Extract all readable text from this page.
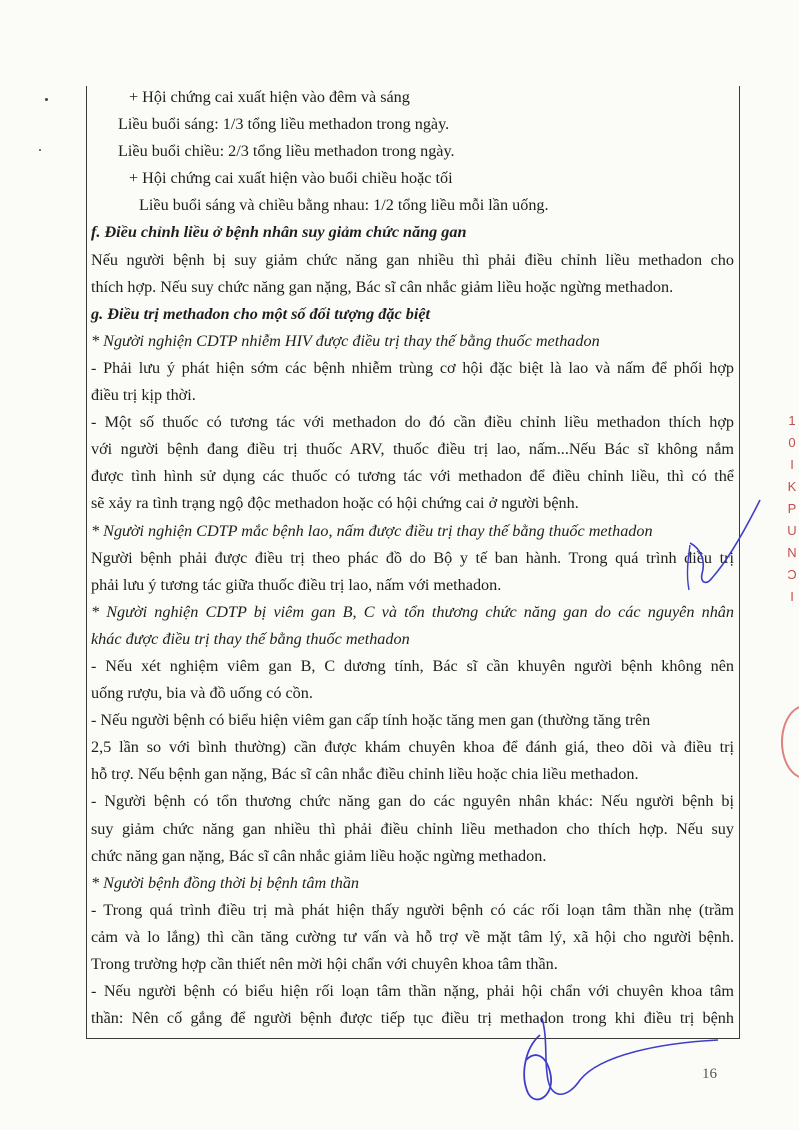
+ Hội chứng cai xuất hiện vào đêm và sáng
Liều buổi sáng: 1/3 tổng liều methadon trong ngày.
Liều buổi chiều: 2/3 tổng liều methadon trong ngày.
+ Hội chứng cai xuất hiện vào buổi chiều hoặc tối
Liều buổi sáng và chiều bằng nhau: 1/2 tổng liều mỗi lần uống.
f. Điều chỉnh liều ở bệnh nhân suy giảm chức năng gan
Nếu người bệnh bị suy giảm chức năng gan nhiều thì phải điều chỉnh liều methadon cho
thích hợp. Nếu suy chức năng gan nặng, Bác sĩ cân nhắc giảm liều hoặc ngừng methadon.
g. Điều trị methadon cho một số đối tượng đặc biệt
* Người nghiện CDTP nhiễm HIV được điều trị thay thế bằng thuốc methadon
- Phải lưu ý phát hiện sớm các bệnh nhiễm trùng cơ hội đặc biệt là lao và nấm để phối hợp
điều trị kịp thời.
- Một số thuốc có tương tác với methadon do đó cần điều chỉnh liều methadon thích hợp
với người bệnh đang điều trị thuốc ARV, thuốc điều trị lao, nấm...Nếu Bác sĩ không nắm
được tình hình sử dụng các thuốc có tương tác với methadon để điều chỉnh liều, thì có thể
sẽ xảy ra tình trạng ngộ độc methadon hoặc có hội chứng cai ở người bệnh.
* Người nghiện CDTP mắc bệnh lao, nấm được điều trị thay thế bằng thuốc methadon
Người bệnh phải được điều trị theo phác đồ do Bộ y tế ban hành. Trong quá trình điều trị
phải lưu ý tương tác giữa thuốc điều trị lao, nấm với methadon.
* Người nghiện CDTP bị viêm gan B, C và tổn thương chức năng gan do các nguyên nhân
khác được điều trị thay thế bằng thuốc methadon
- Nếu xét nghiệm viêm gan B, C dương tính, Bác sĩ cần khuyên người bệnh không nên
uống rượu, bia và đồ uống có cồn.
- Nếu người bệnh có biểu hiện viêm gan cấp tính hoặc tăng men gan (thường tăng trên
2,5 lần so với bình thường) cần được khám chuyên khoa để đánh giá, theo dõi và điều trị
hỗ trợ. Nếu bệnh gan nặng, Bác sĩ cân nhắc điều chỉnh liều hoặc chia liều methadon.
- Người bệnh có tổn thương chức năng gan do các nguyên nhân khác: Nếu người bệnh bị
suy giảm chức năng gan nhiều thì phải điều chỉnh liều methadon cho thích hợp. Nếu suy
chức năng gan nặng, Bác sĩ cân nhắc giảm liều hoặc ngừng methadon.
* Người bệnh đồng thời bị bệnh tâm thần
- Trong quá trình điều trị mà phát hiện thấy người bệnh có các rối loạn tâm thần nhẹ (trầm
cảm và lo lắng) thì cần tăng cường tư vấn và hỗ trợ về mặt tâm lý, xã hội cho người bệnh.
Trong trường hợp cần thiết nên mời hội chẩn với chuyên khoa tâm thần.
- Nếu người bệnh có biểu hiện rối loạn tâm thần nặng, phải hội chẩn với chuyên khoa tâm
thần: Nên cố gắng để người bệnh được tiếp tục điều trị methadon trong khi điều trị bệnh
1
0
I
K
P
U
N
Ɔ
I
16
